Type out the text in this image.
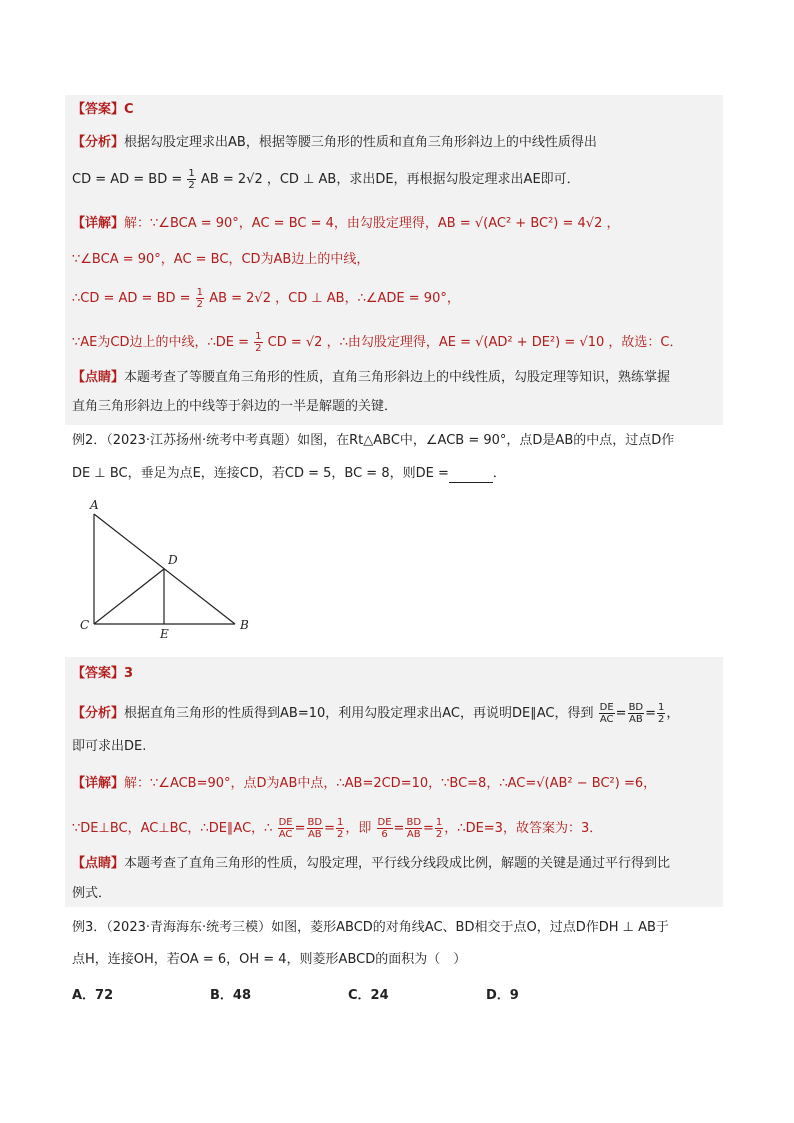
【答案】C
【分析】根据勾股定理求出AB，根据等腰三角形的性质和直角三角形斜边上的中线性质得出
CD = AD = BD = $\frac{1}{2}$ AB = 2√2 ，CD ⊥ AB，求出DE，再根据勾股定理求出AE即可．
【详解】解：∵∠BCA = 90°，AC = BC = 4，由勾股定理得，AB = √(AC² + BC²) = 4√2 ，
∵∠BCA = 90°，AC = BC，CD为AB边上的中线，
∴CD = AD = BD = $\frac{1}{2}$ AB = 2√2 ，CD ⊥ AB，∴∠ADE = 90°，
∵AE为CD边上的中线，∴DE = $\frac{1}{2}$ CD = √2 ，∴由勾股定理得，AE = √(AD² + DE²) = √10 ，故选：C．
【点睛】本题考查了等腰直角三角形的性质，直角三角形斜边上的中线性质，勾股定理等知识，熟练掌握
直角三角形斜边上的中线等于斜边的一半是解题的关键．
例2．（2023·江苏扬州·统考中考真题）如图，在Rt△ABC中，∠ACB = 90°，点D是AB的中点，过点D作
DE ⊥ BC，垂足为点E，连接CD，若CD = 5，BC = 8，则DE =	．
A
B
C
D
E
【答案】3
【分析】根据直角三角形的性质得到AB=10，利用勾股定理求出AC，再说明DE∥AC，得到 $\frac{DE}{AC} = \frac{BD}{AB} = \frac{1}{2}$ ，
即可求出DE.
【详解】解：∵∠ACB=90°，点D为AB中点，∴AB=2CD=10，∵BC=8，∴AC=√(AB² − BC²) =6，
∵DE⊥BC，AC⊥BC，∴DE∥AC，∴ $\frac{DE}{AC} = \frac{BD}{AB} = \frac{1}{2}$ ，即 $\frac{DE}{6} = \frac{BD}{AB} = \frac{1}{2}$ ，∴DE=3，故答案为：3．
【点睛】本题考查了直角三角形的性质，勾股定理，平行线分线段成比例，解题的关键是通过平行得到比
例式．
例3．（2023·青海海东·统考三模）如图，菱形ABCD的对角线AC、BD相交于点O，过点D作DH ⊥ AB于
点H，连接OH，若OA = 6，OH = 4，则菱形ABCD的面积为（　）
A．72	B．48	C．24	D．9
